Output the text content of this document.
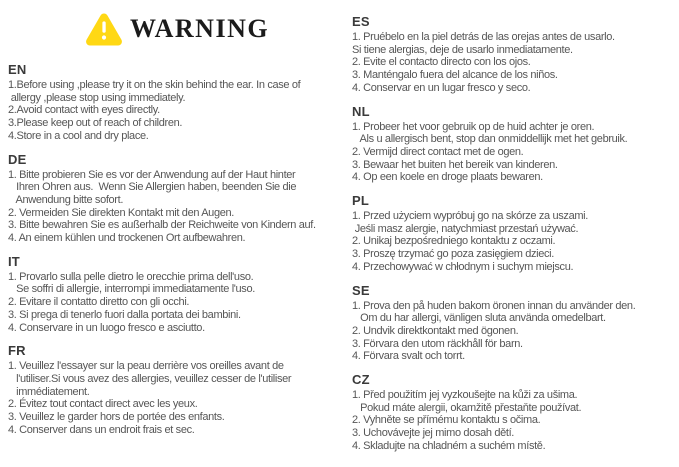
WARNING
EN
1.Before using ,please try it on the skin behind the ear. In case of
allergy ,please stop using immediately.
2.Avoid contact with eyes directly.
3.Please keep out of reach of children.
4.Store in a cool and dry place.
DE
1. Bitte probieren Sie es vor der Anwendung auf der Haut hinter
Ihren Ohren aus.  Wenn Sie Allergien haben, beenden Sie die
Anwendung bitte sofort.
2. Vermeiden Sie direkten Kontakt mit den Augen.
3. Bitte bewahren Sie es außerhalb der Reichweite von Kindern auf.
4. An einem kühlen und trockenen Ort aufbewahren.
IT
1. Provarlo sulla pelle dietro le orecchie prima dell'uso.
Se soffri di allergie, interrompi immediatamente l'uso.
2. Evitare il contatto diretto con gli occhi.
3. Si prega di tenerlo fuori dalla portata dei bambini.
4. Conservare in un luogo fresco e asciutto.
FR
1. Veuillez l'essayer sur la peau derrière vos oreilles avant de
l'utiliser.Si vous avez des allergies, veuillez cesser de l'utiliser
immédiatement.
2. Évitez tout contact direct avec les yeux.
3. Veuillez le garder hors de portée des enfants.
4. Conserver dans un endroit frais et sec.
ES
1. Pruébelo en la piel detrás de las orejas antes de usarlo.
Si tiene alergias, deje de usarlo inmediatamente.
2. Evite el contacto directo con los ojos.
3. Manténgalo fuera del alcance de los niños.
4. Conservar en un lugar fresco y seco.
NL
1. Probeer het voor gebruik op de huid achter je oren.
Als u allergisch bent, stop dan onmiddellijk met het gebruik.
2. Vermijd direct contact met de ogen.
3. Bewaar het buiten het bereik van kinderen.
4. Op een koele en droge plaats bewaren.
PL
1. Przed użyciem wypróbuj go na skórze za uszami.
Jeśli masz alergie, natychmiast przestań używać.
2. Unikaj bezpośredniego kontaktu z oczami.
3. Proszę trzymać go poza zasięgiem dzieci.
4. Przechowywać w chłodnym i suchym miejscu.
SE
1. Prova den på huden bakom öronen innan du använder den.
Om du har allergi, vänligen sluta använda omedelbart.
2. Undvik direktkontakt med ögonen.
3. Förvara den utom räckhåll för barn.
4. Förvara svalt och torrt.
CZ
1. Před použitím jej vyzkoušejte na kůži za ušima.
Pokud máte alergii, okamžitě přestaňte používat.
2. Vyhněte se přímému kontaktu s očima.
3. Uchovávejte jej mimo dosah dětí.
4. Skladujte na chladném a suchém místě.
